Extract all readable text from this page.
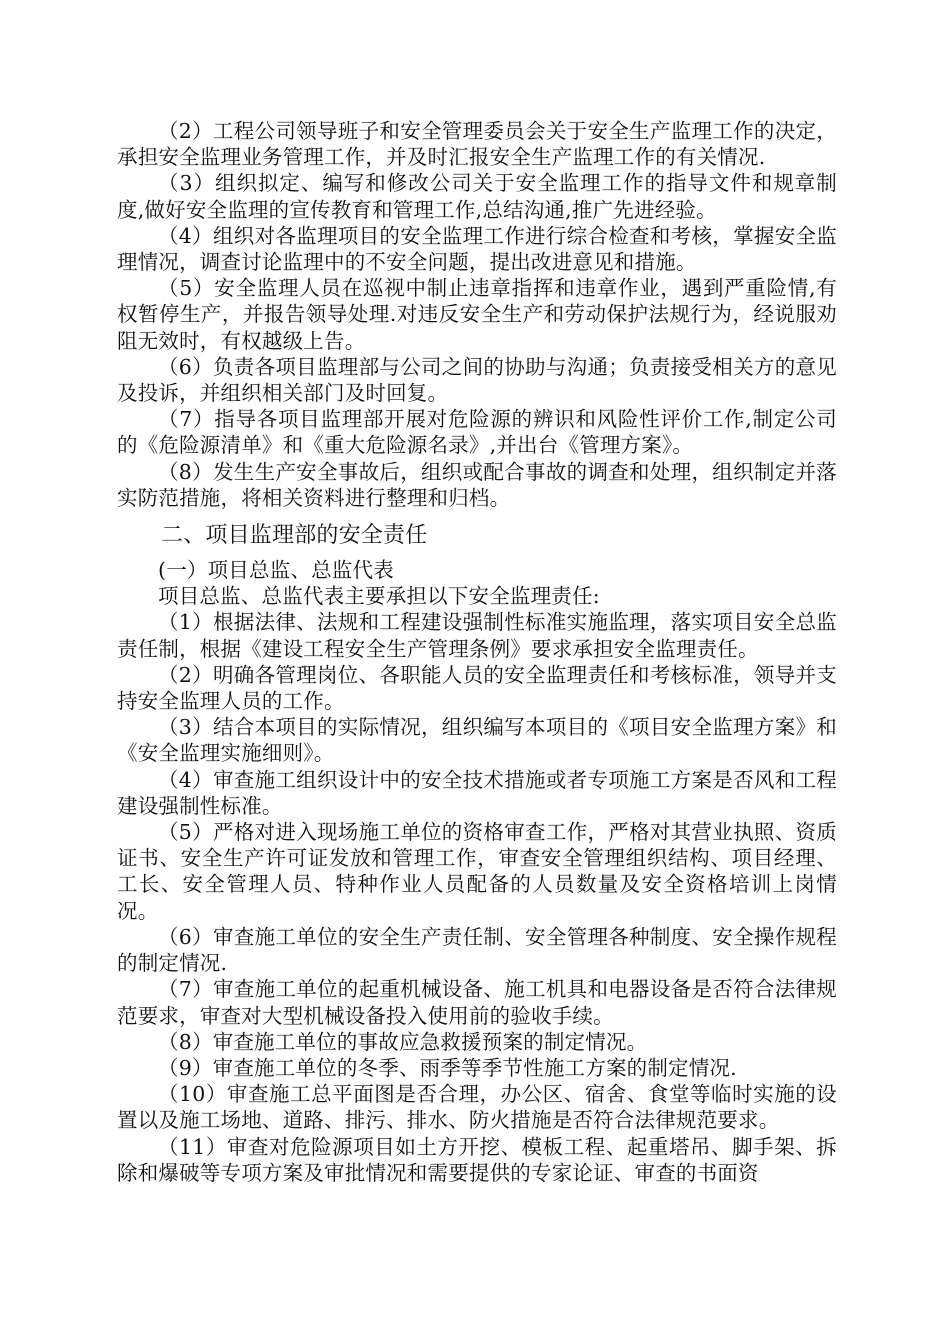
（2）工程公司领导班子和安全管理委员会关于安全生产监理工作的决定，承担安全监理业务管理工作，并及时汇报安全生产监理工作的有关情况.

（3）组织拟定、编写和修改公司关于安全监理工作的指导文件和规章制度,做好安全监理的宣传教育和管理工作,总结沟通,推广先进经验。

（4）组织对各监理项目的安全监理工作进行综合检查和考核，掌握安全监理情况，调查讨论监理中的不安全问题，提出改进意见和措施。

（5）安全监理人员在巡视中制止违章指挥和违章作业，遇到严重险情,有权暂停生产，并报告领导处理.对违反安全生产和劳动保护法规行为，经说服劝阻无效时，有权越级上告。

（6）负责各项目监理部与公司之间的协助与沟通；负责接受相关方的意见及投诉，并组织相关部门及时回复。

（7）指导各项目监理部开展对危险源的辨识和风险性评价工作,制定公司的《危险源清单》和《重大危险源名录》,并出台《管理方案》。

（8）发生生产安全事故后，组织或配合事故的调查和处理，组织制定并落实防范措施，将相关资料进行整理和归档。

二、项目监理部的安全责任

(一）项目总监、总监代表

项目总监、总监代表主要承担以下安全监理责任:

（1）根据法律、法规和工程建设强制性标准实施监理，落实项目安全总监责任制，根据《建设工程安全生产管理条例》要求承担安全监理责任。

（2）明确各管理岗位、各职能人员的安全监理责任和考核标准，领导并支持安全监理人员的工作。

（3）结合本项目的实际情况，组织编写本项目的《项目安全监理方案》和《安全监理实施细则》。

（4）审查施工组织设计中的安全技术措施或者专项施工方案是否风和工程建设强制性标准。

（5）严格对进入现场施工单位的资格审查工作，严格对其营业执照、资质证书、安全生产许可证发放和管理工作，审查安全管理组织结构、项目经理、工长、安全管理人员、特种作业人员配备的人员数量及安全资格培训上岗情况。

（6）审查施工单位的安全生产责任制、安全管理各种制度、安全操作规程的制定情况.

（7）审查施工单位的起重机械设备、施工机具和电器设备是否符合法律规范要求，审查对大型机械设备投入使用前的验收手续。

（8）审查施工单位的事故应急救援预案的制定情况。

（9）审查施工单位的冬季、雨季等季节性施工方案的制定情况.

（10）审查施工总平面图是否合理，办公区、宿舍、食堂等临时实施的设置以及施工场地、道路、排污、排水、防火措施是否符合法律规范要求。

（11）审查对危险源项目如土方开挖、模板工程、起重塔吊、脚手架、拆除和爆破等专项方案及审批情况和需要提供的专家论证、审查的书面资
